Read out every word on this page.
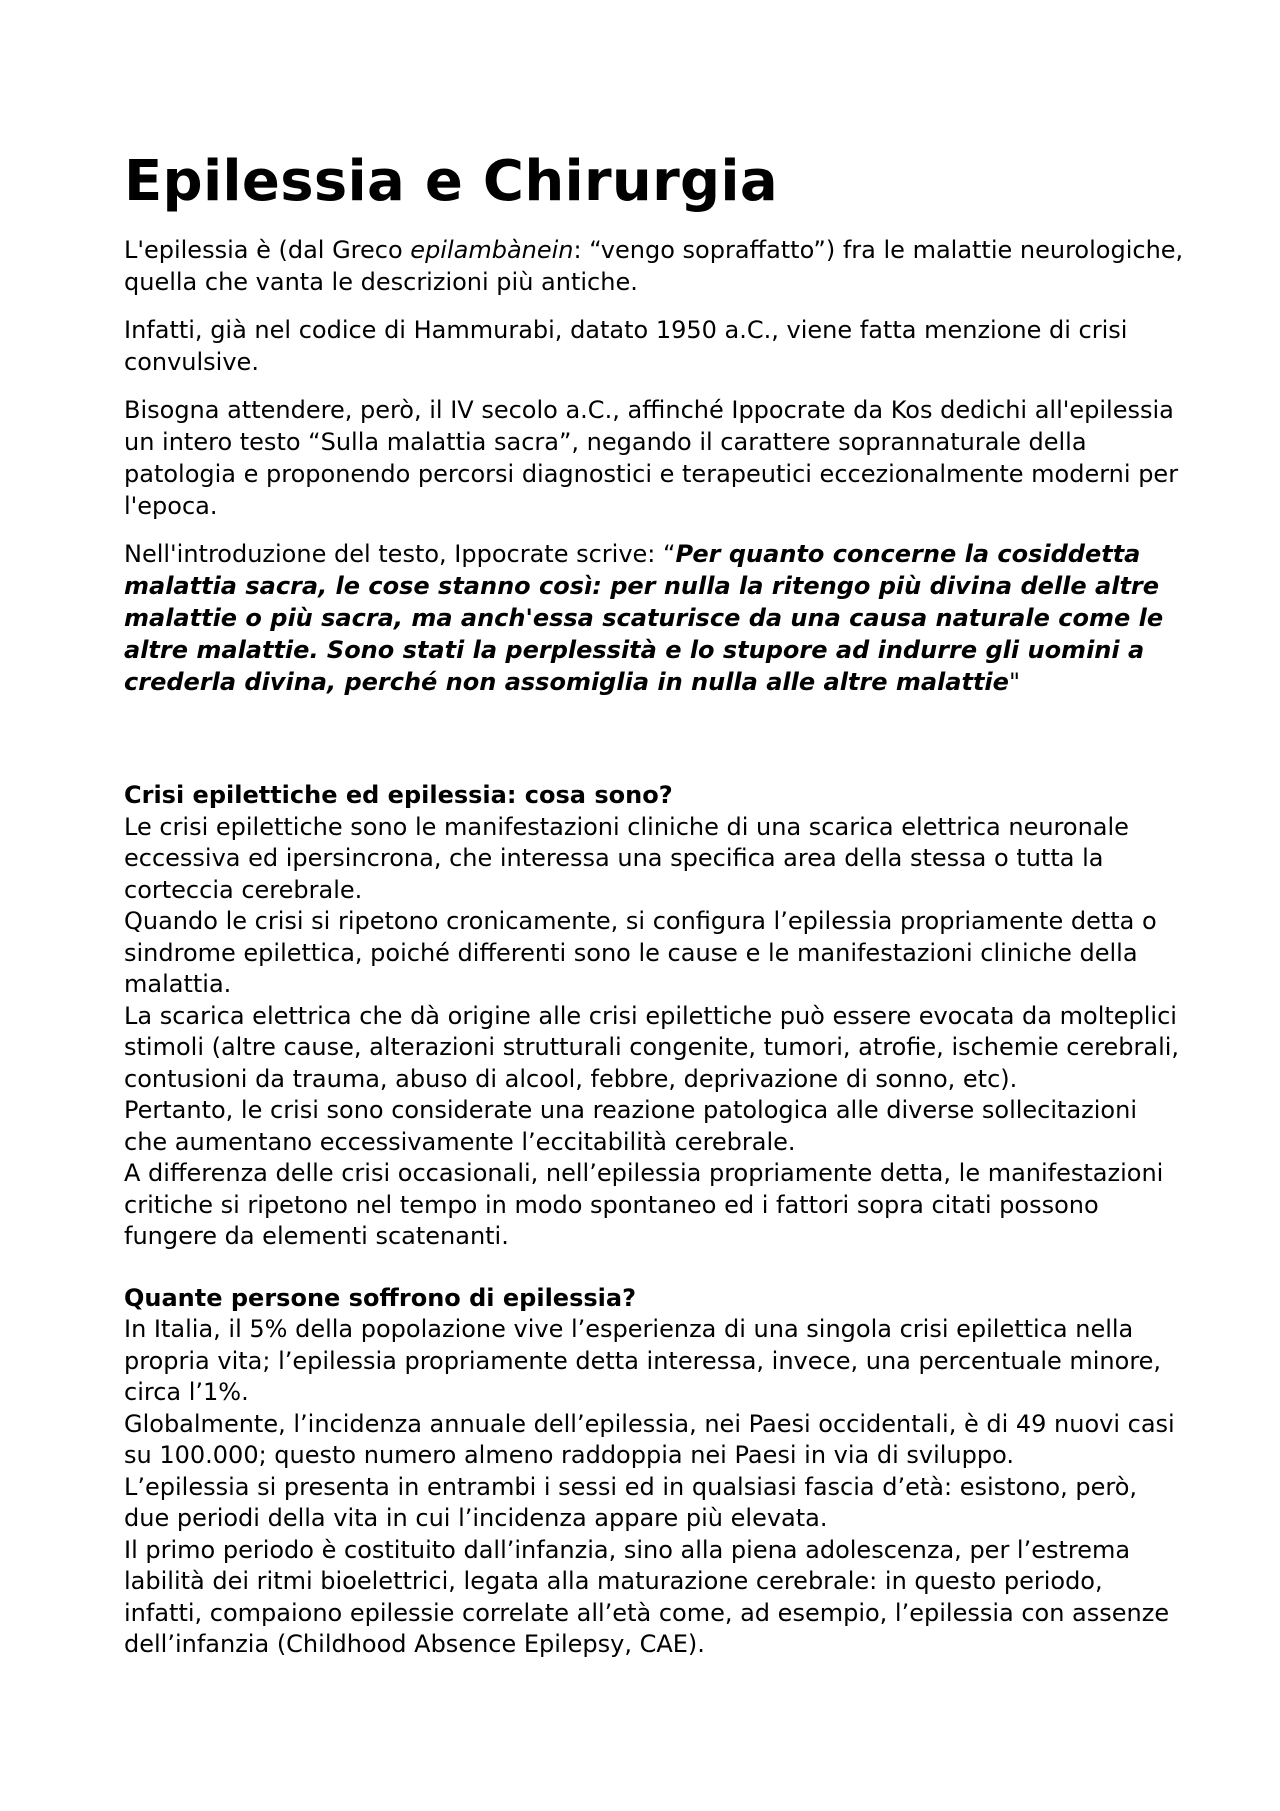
Epilessia e Chirurgia

L'epilessia è (dal Greco epilambànein: “vengo sopraffatto”) fra le malattie neurologiche, quella che vanta le descrizioni più antiche.

Infatti, già nel codice di Hammurabi, datato 1950 a.C., viene fatta menzione di crisi convulsive.

Bisogna attendere, però, il IV secolo a.C., affinché Ippocrate da Kos dedichi all'epilessia un intero testo “Sulla malattia sacra”, negando il carattere soprannaturale della patologia e proponendo percorsi diagnostici e terapeutici eccezionalmente moderni per l'epoca.

Nell'introduzione del testo, Ippocrate scrive: “Per quanto concerne la cosiddetta malattia sacra, le cose stanno così: per nulla la ritengo più divina delle altre malattie o più sacra, ma anch'essa scaturisce da una causa naturale come le altre malattie. Sono stati la perplessità e lo stupore ad indurre gli uomini a crederla divina, perché non assomiglia in nulla alle altre malattie"

Crisi epilettiche ed epilessia: cosa sono?

Le crisi epilettiche sono le manifestazioni cliniche di una scarica elettrica neuronale eccessiva ed ipersincrona, che interessa una specifica area della stessa o tutta la corteccia cerebrale.

Quando le crisi si ripetono cronicamente, si configura l’epilessia propriamente detta o sindrome epilettica, poiché differenti sono le cause e le manifestazioni cliniche della malattia.

La scarica elettrica che dà origine alle crisi epilettiche può essere evocata da molteplici stimoli (altre cause, alterazioni strutturali congenite, tumori, atrofie, ischemie cerebrali, contusioni da trauma, abuso di alcool, febbre, deprivazione di sonno, etc).

Pertanto, le crisi sono considerate una reazione patologica alle diverse sollecitazioni che aumentano eccessivamente l’eccitabilità cerebrale.

A differenza delle crisi occasionali, nell’epilessia propriamente detta, le manifestazioni critiche si ripetono nel tempo in modo spontaneo ed i fattori sopra citati possono fungere da elementi scatenanti.

Quante persone soffrono di epilessia?

In Italia, il 5% della popolazione vive l’esperienza di una singola crisi epilettica nella propria vita; l’epilessia propriamente detta interessa, invece, una percentuale minore, circa l’1%.

Globalmente, l’incidenza annuale dell’epilessia, nei Paesi occidentali, è di 49 nuovi casi su 100.000; questo numero almeno raddoppia nei Paesi in via di sviluppo.

L’epilessia si presenta in entrambi i sessi ed in qualsiasi fascia d’età: esistono, però, due periodi della vita in cui l’incidenza appare più elevata.

Il primo periodo è costituito dall’infanzia, sino alla piena adolescenza, per l’estrema labilità dei ritmi bioelettrici, legata alla maturazione cerebrale: in questo periodo, infatti, compaiono epilessie correlate all’età come, ad esempio, l’epilessia con assenze dell’infanzia (Childhood Absence Epilepsy, CAE).
